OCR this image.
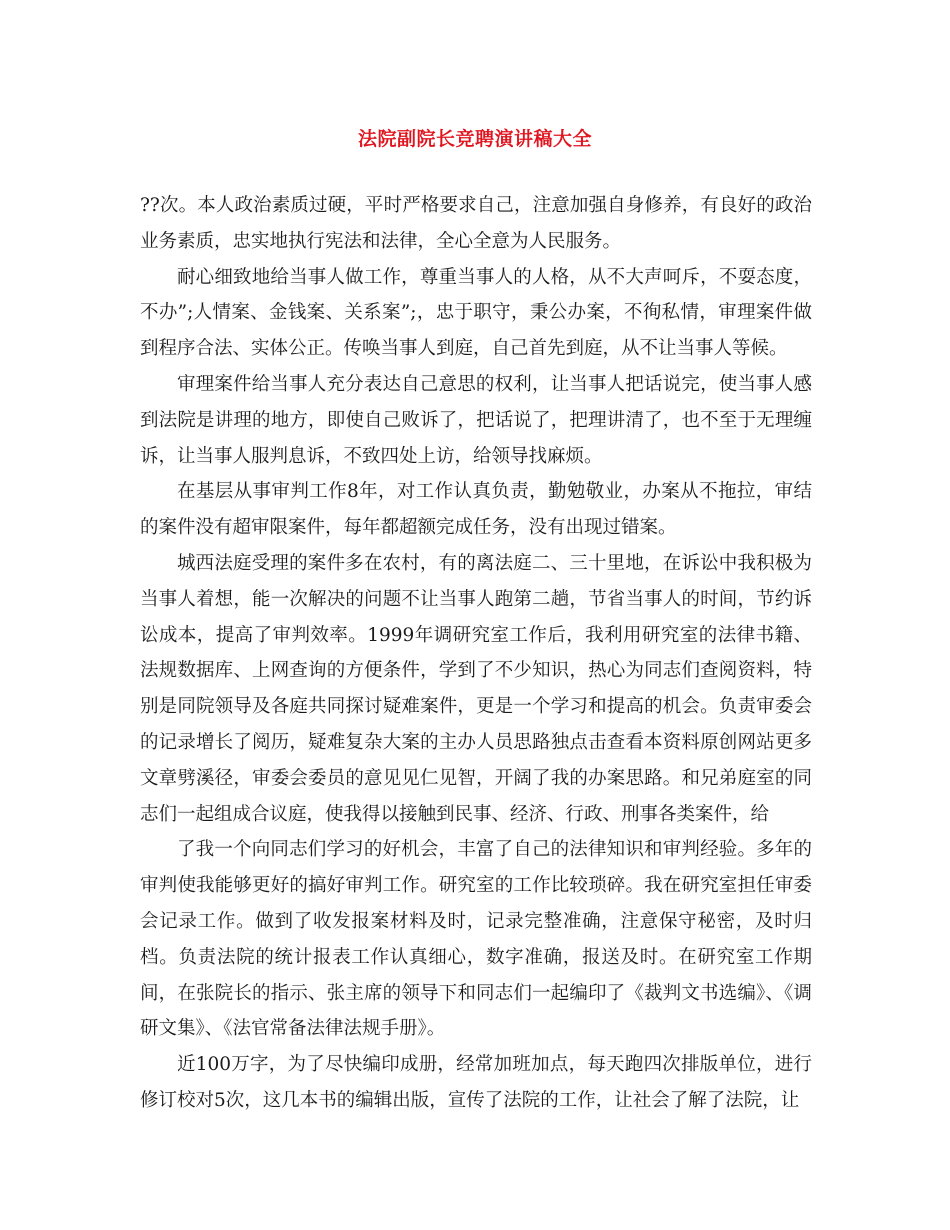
法院副院长竞聘演讲稿大全

??次。本人政治素质过硬，平时严格要求自己，注意加强自身修养，有良好的政治业务素质，忠实地执行宪法和法律，全心全意为人民服务。

耐心细致地给当事人做工作，尊重当事人的人格，从不大声呵斥，不耍态度，不办”;人情案、金钱案、关系案”;，忠于职守，秉公办案，不徇私情，审理案件做到程序合法、实体公正。传唤当事人到庭，自己首先到庭，从不让当事人等候。

审理案件给当事人充分表达自己意思的权利，让当事人把话说完，使当事人感到法院是讲理的地方，即使自己败诉了，把话说了，把理讲清了，也不至于无理缠诉，让当事人服判息诉，不致四处上访，给领导找麻烦。

在基层从事审判工作8年，对工作认真负责，勤勉敬业，办案从不拖拉，审结的案件没有超审限案件，每年都超额完成任务，没有出现过错案。

城西法庭受理的案件多在农村，有的离法庭二、三十里地，在诉讼中我积极为当事人着想，能一次解决的问题不让当事人跑第二趟，节省当事人的时间，节约诉讼成本，提高了审判效率。1999年调研究室工作后，我利用研究室的法律书籍、法规数据库、上网查询的方便条件，学到了不少知识，热心为同志们查阅资料，特别是同院领导及各庭共同探讨疑难案件，更是一个学习和提高的机会。负责审委会的记录增长了阅历，疑难复杂大案的主办人员思路独点击查看本资料原创网站更多文章劈溪径，审委会委员的意见见仁见智，开阔了我的办案思路。和兄弟庭室的同志们一起组成合议庭，使我得以接触到民事、经济、行政、刑事各类案件，给

了我一个向同志们学习的好机会，丰富了自己的法律知识和审判经验。多年的审判使我能够更好的搞好审判工作。研究室的工作比较琐碎。我在研究室担任审委会记录工作。做到了收发报案材料及时，记录完整准确，注意保守秘密，及时归档。负责法院的统计报表工作认真细心，数字准确，报送及时。在研究室工作期间，在张院长的指示、张主席的领导下和同志们一起编印了《裁判文书选编》、《调研文集》、《法官常备法律法规手册》。

近100万字，为了尽快编印成册，经常加班加点，每天跑四次排版单位，进行修订校对5次，这几本书的编辑出版，宣传了法院的工作，让社会了解了法院，让
